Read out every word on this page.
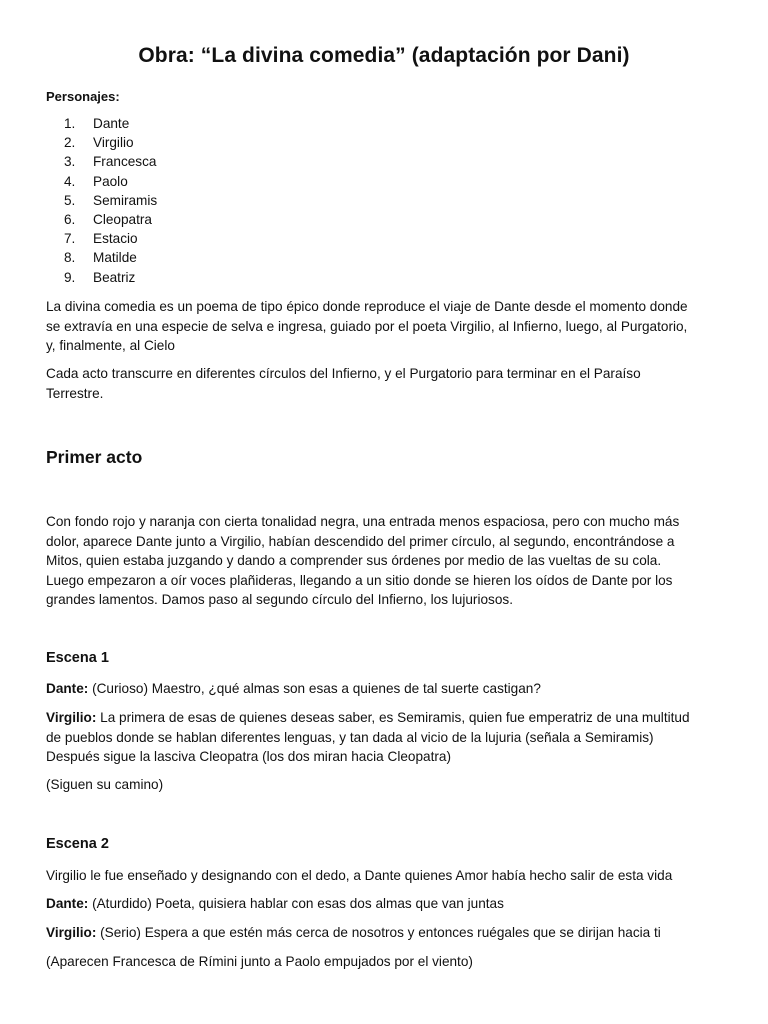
Obra: “La divina comedia” (adaptación por Dani)
Personajes:
1.	Dante
2.	Virgilio
3.	Francesca
4.	Paolo
5.	Semiramis
6.	Cleopatra
7.	Estacio
8.	Matilde
9.	Beatriz
La divina comedia es un poema de tipo épico donde reproduce el viaje de Dante desde el momento donde
se extravía en una especie de selva e ingresa, guiado por el poeta Virgilio, al Infierno, luego, al Purgatorio,
y, finalmente, al Cielo
Cada acto transcurre en diferentes círculos del Infierno, y el Purgatorio para terminar en el Paraíso
Terrestre.
Primer acto
Con fondo rojo y naranja con cierta tonalidad negra, una entrada menos espaciosa, pero con mucho más
dolor, aparece Dante junto a Virgilio, habían descendido del primer círculo, al segundo, encontrándose a
Mitos, quien estaba juzgando y dando a comprender sus órdenes por medio de las vueltas de su cola.
Luego empezaron a oír voces plañideras, llegando a un sitio donde se hieren los oídos de Dante por los
grandes lamentos. Damos paso al segundo círculo del Infierno, los lujuriosos.
Escena 1
Dante: (Curioso) Maestro, ¿qué almas son esas a quienes de tal suerte castigan?
Virgilio: La primera de esas de quienes deseas saber, es Semiramis, quien fue emperatriz de una multitud
de pueblos donde se hablan diferentes lenguas, y tan dada al vicio de la lujuria (señala a Semiramis)
Después sigue la lasciva Cleopatra (los dos miran hacia Cleopatra)
(Siguen su camino)
Escena 2
Virgilio le fue enseñado y designando con el dedo, a Dante quienes Amor había hecho salir de esta vida
Dante: (Aturdido) Poeta, quisiera hablar con esas dos almas que van juntas
Virgilio: (Serio) Espera a que estén más cerca de nosotros y entonces ruégales que se dirijan hacia ti
(Aparecen Francesca de Rímini junto a Paolo empujados por el viento)
